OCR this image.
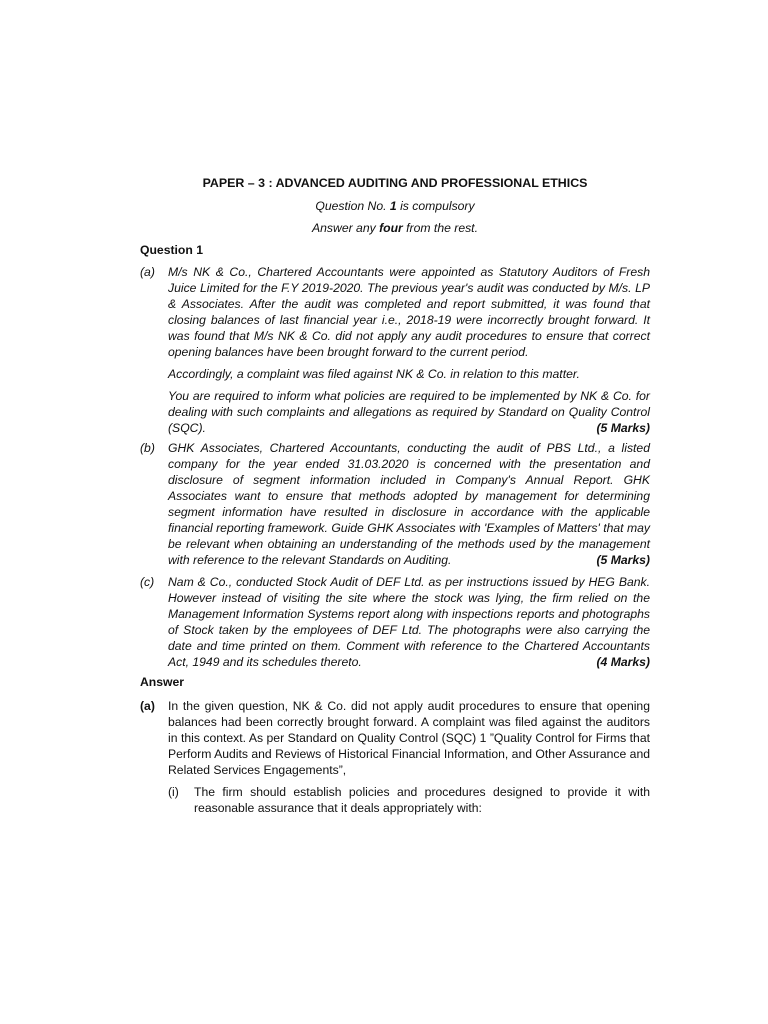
PAPER – 3 : ADVANCED AUDITING AND PROFESSIONAL ETHICS
Question No. 1 is compulsory
Answer any four from the rest.
Question 1
(a)	M/s NK & Co., Chartered Accountants were appointed as Statutory Auditors of Fresh Juice Limited for the F.Y 2019-2020. The previous year's audit was conducted by M/s. LP & Associates. After the audit was completed and report submitted, it was found that closing balances of last financial year i.e., 2018-19 were incorrectly brought forward. It was found that M/s NK & Co. did not apply any audit procedures to ensure that correct opening balances have been brought forward to the current period.

Accordingly, a complaint was filed against NK & Co. in relation to this matter.

You are required to inform what policies are required to be implemented by NK & Co. for dealing with such complaints and allegations as required by Standard on Quality Control (SQC).	(5 Marks)

(b)	GHK Associates, Chartered Accountants, conducting the audit of PBS Ltd., a listed company for the year ended 31.03.2020 is concerned with the presentation and disclosure of segment information included in Company's Annual Report. GHK Associates want to ensure that methods adopted by management for determining segment information have resulted in disclosure in accordance with the applicable financial reporting framework. Guide GHK Associates with 'Examples of Matters' that may be relevant when obtaining an understanding of the methods used by the management with reference to the relevant Standards on Auditing.	(5 Marks)

(c)	Nam & Co., conducted Stock Audit of DEF Ltd. as per instructions issued by HEG Bank. However instead of visiting the site where the stock was lying, the firm relied on the Management Information Systems report along with inspections reports and photographs of Stock taken by the employees of DEF Ltd. The photographs were also carrying the date and time printed on them. Comment with reference to the Chartered Accountants Act, 1949 and its schedules thereto.	(4 Marks)

Answer
(a)	In the given question, NK & Co. did not apply audit procedures to ensure that opening balances had been correctly brought forward. A complaint was filed against the auditors in this context. As per Standard on Quality Control (SQC) 1 ”Quality Control for Firms that Perform Audits and Reviews of Historical Financial Information, and Other Assurance and Related Services Engagements”,

(i)	The firm should establish policies and procedures designed to provide it with reasonable assurance that it deals appropriately with:
